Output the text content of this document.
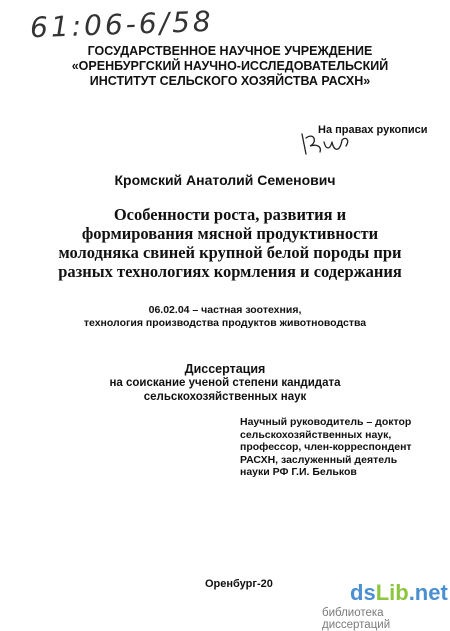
61:06-6/58
ГОСУДАРСТВЕННОЕ НАУЧНОЕ УЧРЕЖДЕНИЕ
«ОРЕНБУРГСКИЙ НАУЧНО-ИССЛЕДОВАТЕЛЬСКИЙ
ИНСТИТУТ СЕЛЬСКОГО ХОЗЯЙСТВА РАСХН»
На правах рукописи
Кромский Анатолий Семенович
Особенности роста, развития и
формирования мясной продуктивности
молодняка свиней крупной белой породы при
разных технологиях кормления и содержания
06.02.04 – частная зоотехния,
технология производства продуктов животноводства
Диссертация
на соискание ученой степени кандидата
сельскохозяйственных наук
Научный руководитель – доктор
сельскохозяйственных наук,
профессор, член-корреспондент
РАСХН, заслуженный деятель
науки РФ Г.И. Бельков
Оренбург-20	dsLib.net
библиотека диссертаций
